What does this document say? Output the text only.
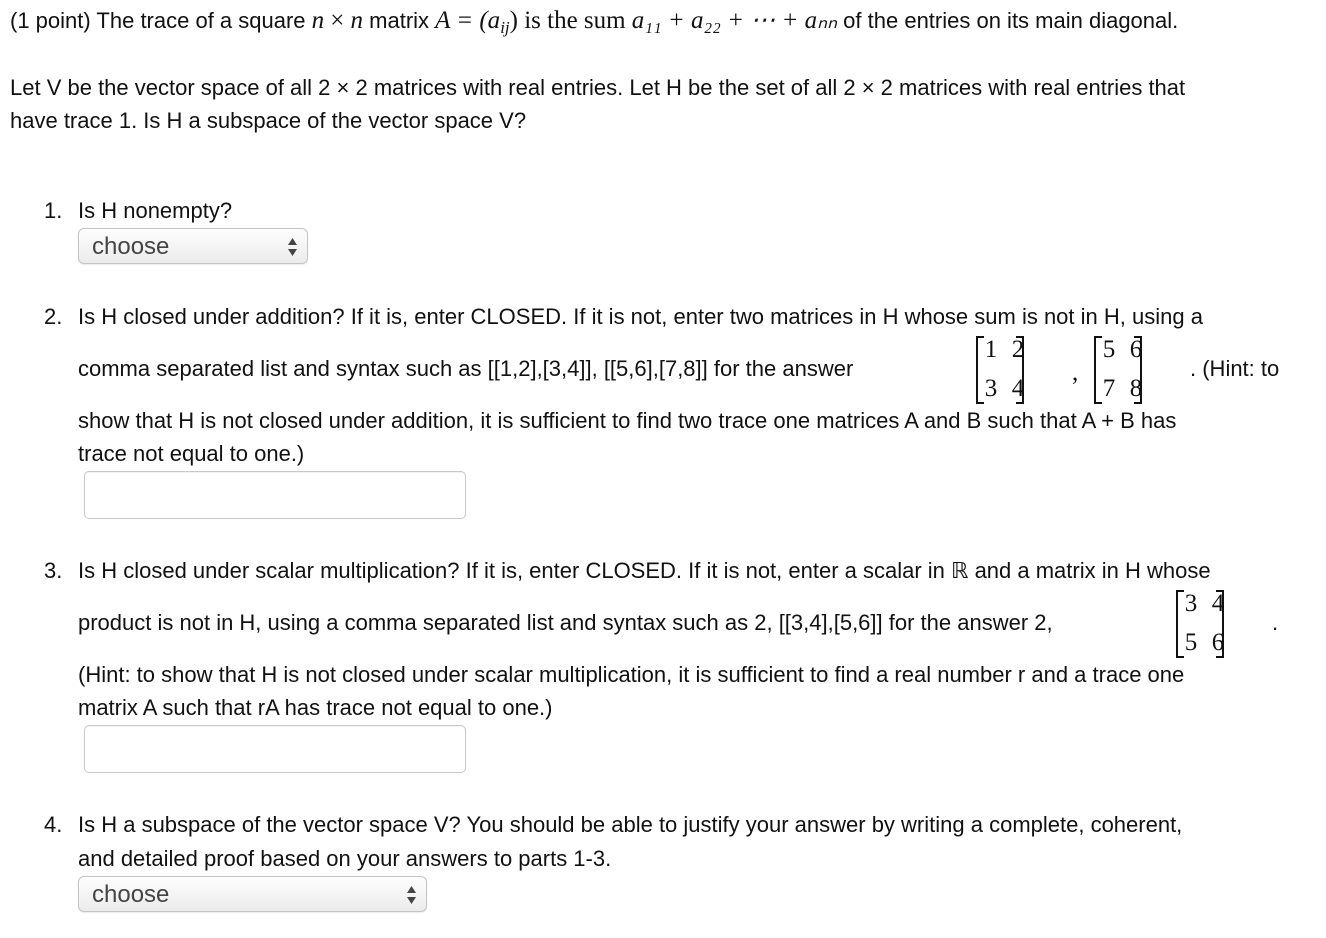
(1 point) The trace of a square n × n matrix $A = (a_{ij})$ is the sum a₁₁ + a₂₂ + ⋯ + aₙₙ of the entries on its main diagonal.
Let V be the vector space of all 2 × 2 matrices with real entries. Let H be the set of all 2 × 2 matrices with real entries that
have trace 1. Is H a subspace of the vector space V?
1. Is H nonempty?
choose
2. Is H closed under addition? If it is, enter CLOSED. If it is not, enter two matrices in H whose sum is not in H, using a
comma separated list and syntax such as [[1,2],[3,4]], [[5,6],[7,8]] for the answer
1 2
3 4
,
5 6
7 8
. (Hint: to
show that H is not closed under addition, it is sufficient to find two trace one matrices A and B such that A + B has
trace not equal to one.)
3. Is H closed under scalar multiplication? If it is, enter CLOSED. If it is not, enter a scalar in ℝ and a matrix in H whose
product is not in H, using a comma separated list and syntax such as 2, [[3,4],[5,6]] for the answer 2,
3 4
5 6
.
(Hint: to show that H is not closed under scalar multiplication, it is sufficient to find a real number r and a trace one
matrix A such that rA has trace not equal to one.)
4. Is H a subspace of the vector space V? You should be able to justify your answer by writing a complete, coherent,
and detailed proof based on your answers to parts 1-3.
choose
